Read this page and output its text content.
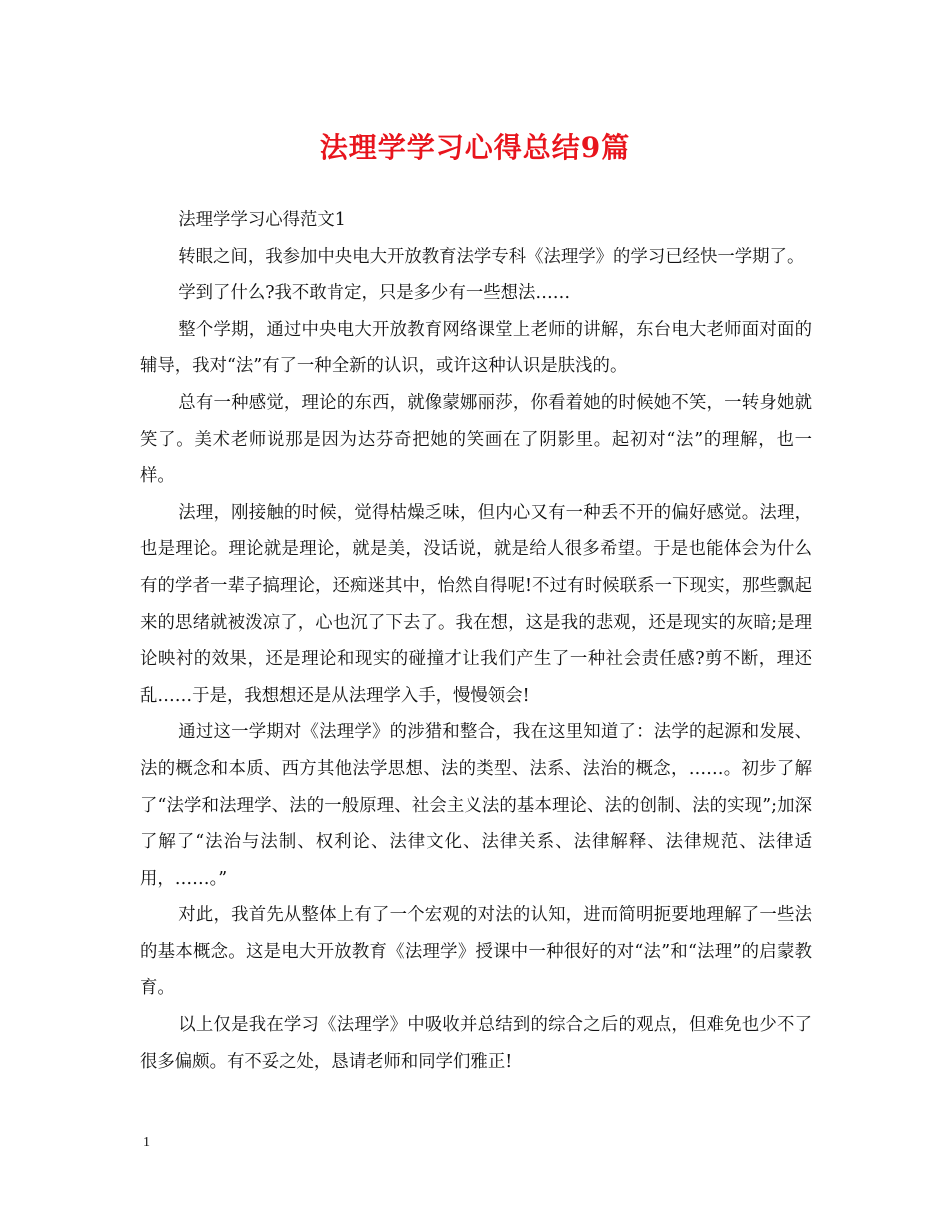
法理学学习心得总结9篇

法理学学习心得范文1

转眼之间，我参加中央电大开放教育法学专科《法理学》的学习已经快一学期了。

学到了什么?我不敢肯定，只是多少有一些想法……

整个学期，通过中央电大开放教育网络课堂上老师的讲解，东台电大老师面对面的辅导，我对“法”有了一种全新的认识，或许这种认识是肤浅的。

总有一种感觉，理论的东西，就像蒙娜丽莎，你看着她的时候她不笑，一转身她就笑了。美术老师说那是因为达芬奇把她的笑画在了阴影里。起初对“法”的理解，也一样。

法理，刚接触的时候，觉得枯燥乏味，但内心又有一种丢不开的偏好感觉。法理，也是理论。理论就是理论，就是美，没话说，就是给人很多希望。于是也能体会为什么有的学者一辈子搞理论，还痴迷其中，怡然自得呢!不过有时候联系一下现实，那些飘起来的思绪就被泼凉了，心也沉了下去了。我在想，这是我的悲观，还是现实的灰暗;是理论映衬的效果，还是理论和现实的碰撞才让我们产生了一种社会责任感?剪不断，理还乱……于是，我想想还是从法理学入手，慢慢领会!

通过这一学期对《法理学》的涉猎和整合，我在这里知道了：法学的起源和发展、法的概念和本质、西方其他法学思想、法的类型、法系、法治的概念，……。初步了解了“法学和法理学、法的一般原理、社会主义法的基本理论、法的创制、法的实现”;加深了解了“法治与法制、权利论、法律文化、法律关系、法律解释、法律规范、法律适用，……。”

对此，我首先从整体上有了一个宏观的对法的认知，进而简明扼要地理解了一些法的基本概念。这是电大开放教育《法理学》授课中一种很好的对“法”和“法理”的启蒙教育。

以上仅是我在学习《法理学》中吸收并总结到的综合之后的观点，但难免也少不了很多偏颇。有不妥之处，恳请老师和同学们雅正!

1
